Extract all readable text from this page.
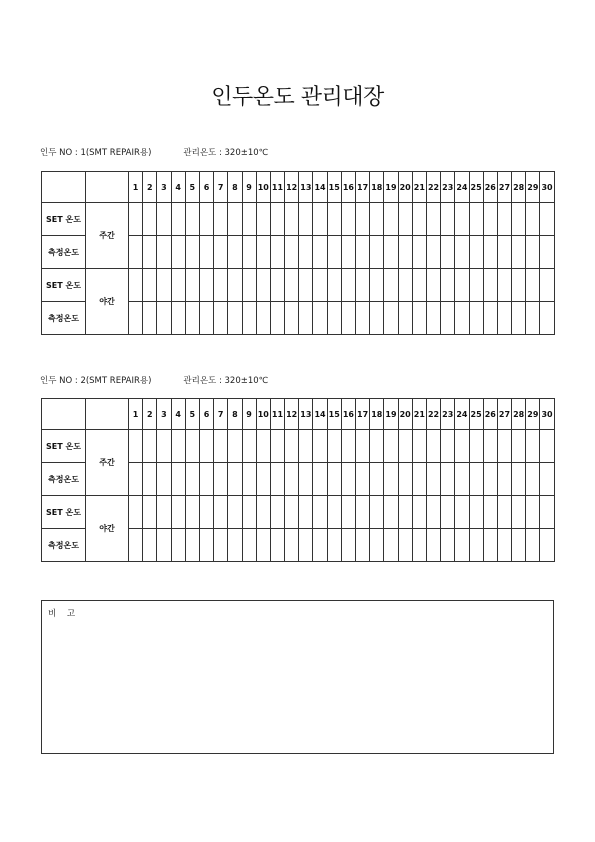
인두온도 관리대장
인두 NO : 1(SMT REPAIR용)	관리온도 : 320±10℃
		1	2	3	4	5	6	7	8	9	10	11	12	13	14	15	16	17	18	19	20	21	22	23	24	25	26	27	28	29	30
SET 온도	주간																														
측정온도																															
SET 온도	야간																														
측정온도																															
인두 NO : 2(SMT REPAIR용)	관리온도 : 320±10℃
		1	2	3	4	5	6	7	8	9	10	11	12	13	14	15	16	17	18	19	20	21	22	23	24	25	26	27	28	29	30
SET 온도	주간																														
측정온도																															
SET 온도	야간																														
측정온도																															
비 고
